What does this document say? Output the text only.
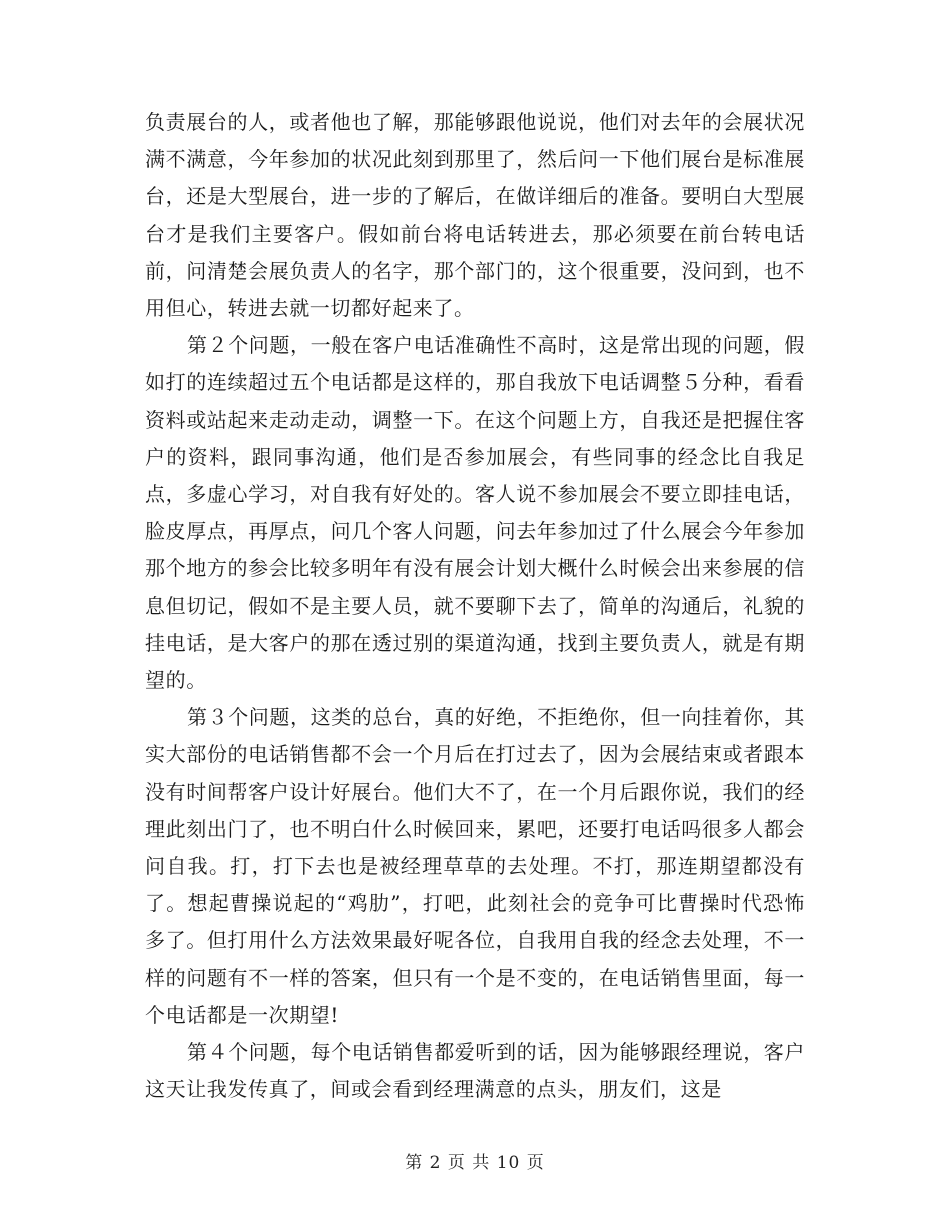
负责展台的人，或者他也了解，那能够跟他说说，他们对去年的会展状况满不满意，今年参加的状况此刻到那里了，然后问一下他们展台是标准展台，还是大型展台，进一步的了解后，在做详细后的准备。要明白大型展台才是我们主要客户。假如前台将电话转进去，那必须要在前台转电话前，问清楚会展负责人的名字，那个部门的，这个很重要，没问到，也不用但心，转进去就一切都好起来了。

第２个问题，一般在客户电话准确性不高时，这是常出现的问题，假如打的连续超过五个电话都是这样的，那自我放下电话调整５分种，看看资料或站起来走动走动，调整一下。在这个问题上方，自我还是把握住客户的资料，跟同事沟通，他们是否参加展会，有些同事的经念比自我足点，多虚心学习，对自我有好处的。客人说不参加展会不要立即挂电话，脸皮厚点，再厚点，问几个客人问题，问去年参加过了什么展会今年参加那个地方的参会比较多明年有没有展会计划大概什么时候会出来参展的信息但切记，假如不是主要人员，就不要聊下去了，简单的沟通后，礼貌的挂电话，是大客户的那在透过别的渠道沟通，找到主要负责人，就是有期望的。

第３个问题，这类的总台，真的好绝，不拒绝你，但一向挂着你，其实大部份的电话销售都不会一个月后在打过去了，因为会展结束或者跟本没有时间帮客户设计好展台。他们大不了，在一个月后跟你说，我们的经理此刻出门了，也不明白什么时候回来，累吧，还要打电话吗很多人都会问自我。打，打下去也是被经理草草的去处理。不打，那连期望都没有了。想起曹操说起的“鸡肋”，打吧，此刻社会的竞争可比曹操时代恐怖多了。但打用什么方法效果最好呢各位，自我用自我的经念去处理，不一样的问题有不一样的答案，但只有一个是不变的，在电话销售里面，每一个电话都是一次期望!

第４个问题，每个电话销售都爱听到的话，因为能够跟经理说，客户这天让我发传真了，间或会看到经理满意的点头，朋友们，这是

第 2 页 共 10 页
